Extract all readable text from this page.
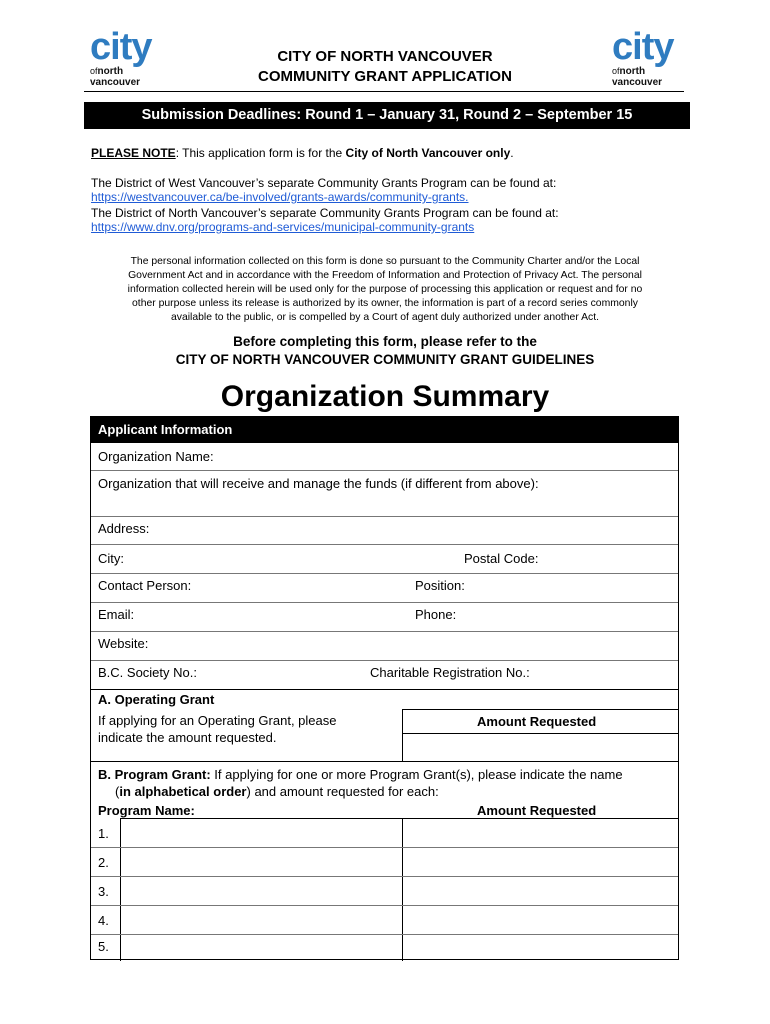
city
ofnorth
vancouver
city
ofnorth
vancouver
CITY OF NORTH VANCOUVER
COMMUNITY GRANT APPLICATION
Submission Deadlines: Round 1 – January 31, Round 2 – September 15
PLEASE NOTE: This application form is for the City of North Vancouver only.
The District of West Vancouver’s separate Community Grants Program can be found at:
https://westvancouver.ca/be-involved/grants-awards/community-grants.
The District of North Vancouver’s separate Community Grants Program can be found at:
https://www.dnv.org/programs-and-services/municipal-community-grants
The personal information collected on this form is done so pursuant to the Community Charter and/or the Local
Government Act and in accordance with the Freedom of Information and Protection of Privacy Act. The personal
information collected herein will be used only for the purpose of processing this application or request and for no
other purpose unless its release is authorized by its owner, the information is part of a record series commonly
available to the public, or is compelled by a Court of agent duly authorized under another Act.
Before completing this form, please refer to the
CITY OF NORTH VANCOUVER COMMUNITY GRANT GUIDELINES
Organization Summary
Applicant Information
Organization Name:
Organization that will receive and manage the funds (if different from above):
Address:
City:	Postal Code:
Contact Person:	Position:
Email:	Phone:
Website:
B.C. Society No.:	Charitable Registration No.:
A. Operating Grant
If applying for an Operating Grant, please
indicate the amount requested.
Amount Requested
B. Program Grant: If applying for one or more Program Grant(s), please indicate the name
(in alphabetical order) and amount requested for each:
Program Name:	Amount Requested
1.
2.
3.
4.
5.
